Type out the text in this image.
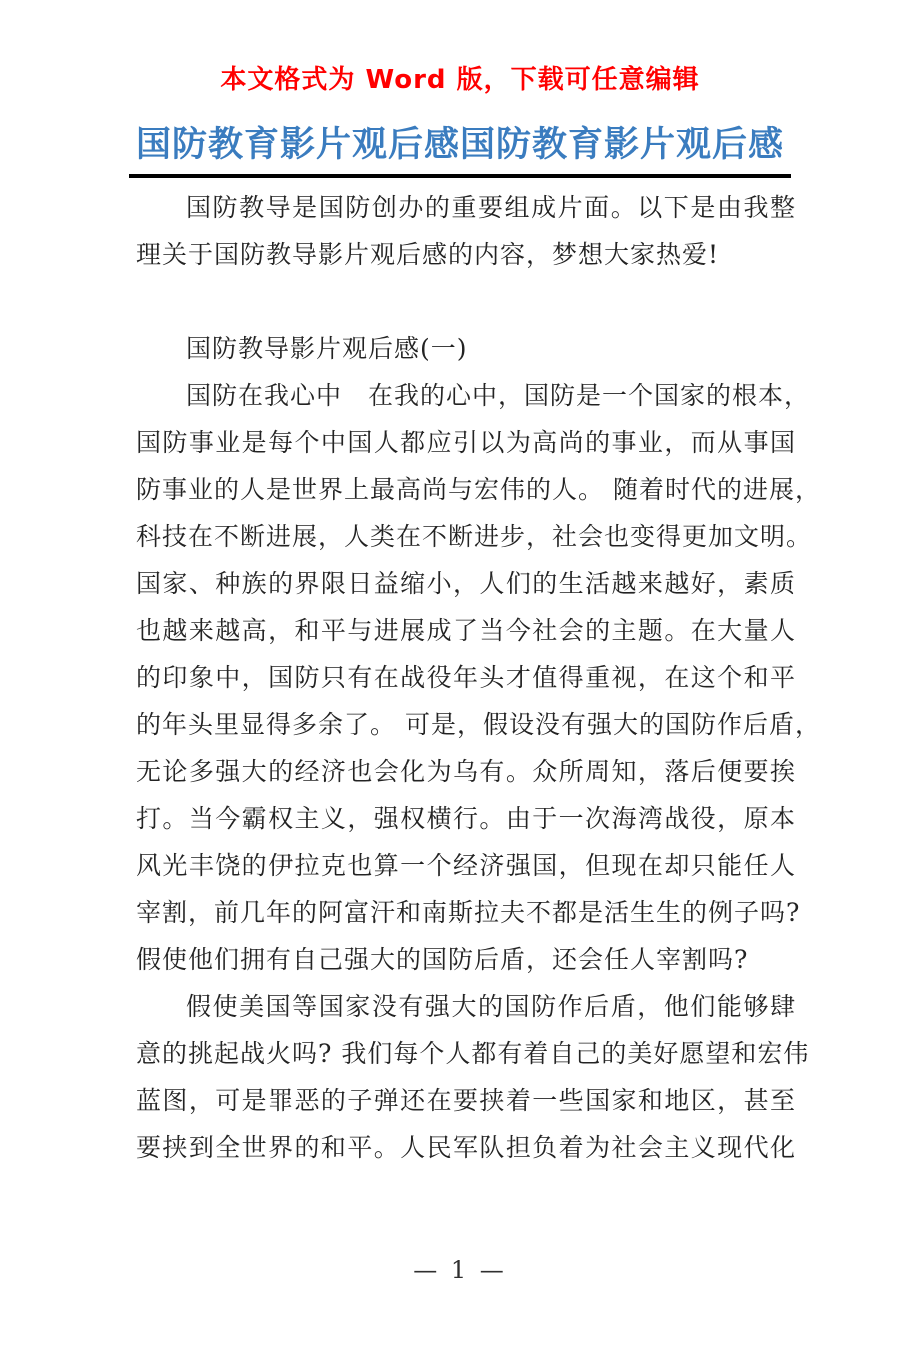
本文格式为 Word 版，下载可任意编辑
国防教育影片观后感国防教育影片观后感
国防教导是国防创办的重要组成片面。以下是由我整
理关于国防教导影片观后感的内容，梦想大家热爱!
国防教导影片观后感(一)
国防在我心中　在我的心中，国防是一个国家的根本，
国防事业是每个中国人都应引以为高尚的事业，而从事国
防事业的人是世界上最高尚与宏伟的人。 随着时代的进展，
科技在不断进展，人类在不断进步，社会也变得更加文明。
国家、种族的界限日益缩小，人们的生活越来越好，素质
也越来越高，和平与进展成了当今社会的主题。在大量人
的印象中，国防只有在战役年头才值得重视，在这个和平
的年头里显得多余了。 可是，假设没有强大的国防作后盾，
无论多强大的经济也会化为乌有。众所周知，落后便要挨
打。当今霸权主义，强权横行。由于一次海湾战役，原本
风光丰饶的伊拉克也算一个经济强国，但现在却只能任人
宰割，前几年的阿富汗和南斯拉夫不都是活生生的例子吗?
假使他们拥有自己强大的国防后盾，还会任人宰割吗?
假使美国等国家没有强大的国防作后盾，他们能够肆
意的挑起战火吗? 我们每个人都有着自己的美好愿望和宏伟
蓝图，可是罪恶的子弹还在要挟着一些国家和地区，甚至
要挟到全世界的和平。人民军队担负着为社会主义现代化
— 1 —
